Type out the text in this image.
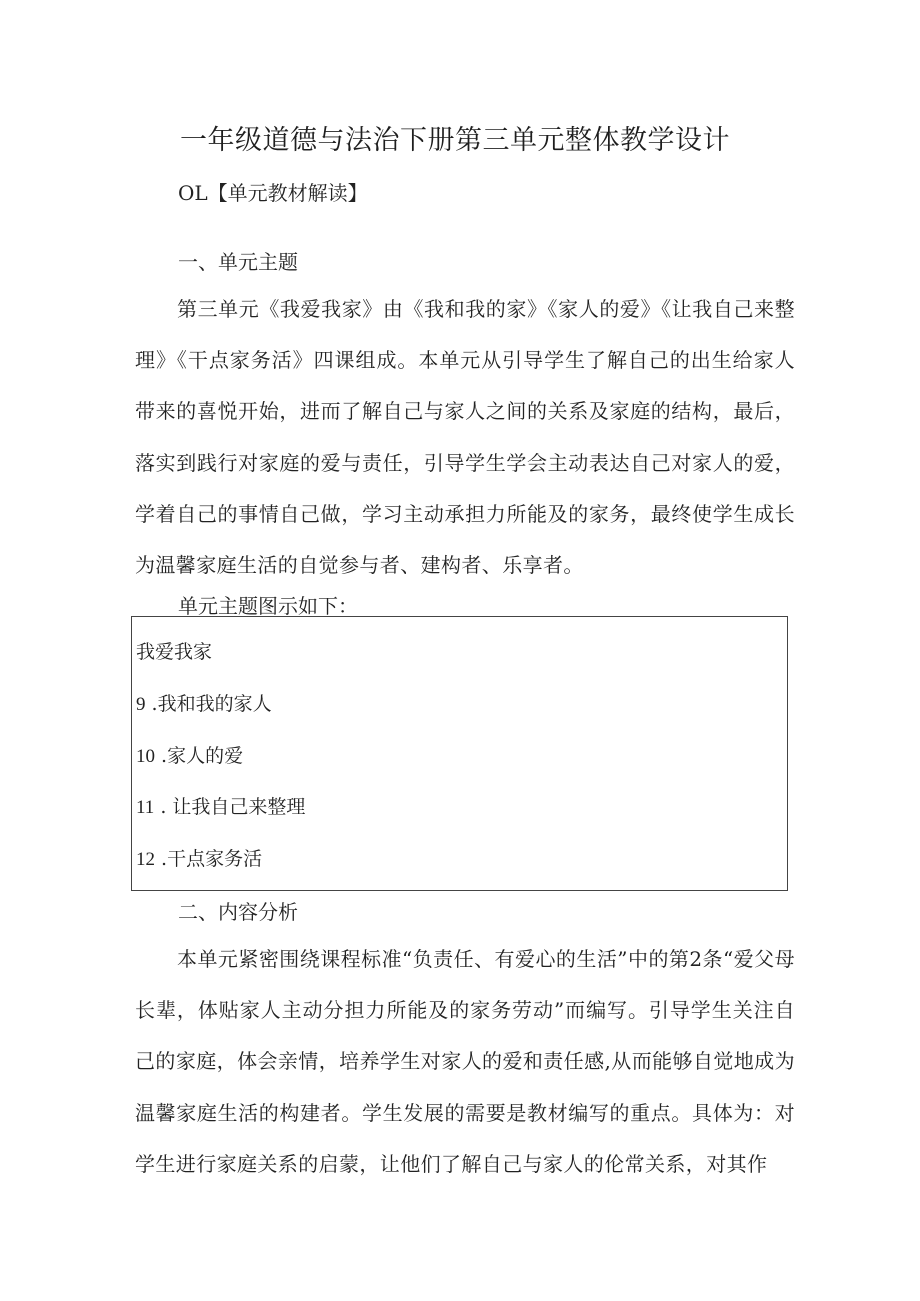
一年级道德与法治下册第三单元整体教学设计
OL【单元教材解读】
一、单元主题
第三单元《我爱我家》由《我和我的家》《家人的爱》《让我自己来整理》《干点家务活》四课组成。本单元从引导学生了解自己的出生给家人带来的喜悦开始，进而了解自己与家人之间的关系及家庭的结构，最后，落实到践行对家庭的爱与责任，引导学生学会主动表达自己对家人的爱，学着自己的事情自己做，学习主动承担力所能及的家务，最终使学生成长为温馨家庭生活的自觉参与者、建构者、乐享者。
单元主题图示如下：
我爱我家
9 .我和我的家人
10 .家人的爱
11 . 让我自己来整理
12 .干点家务活
二、内容分析
本单元紧密围绕课程标准“负责任、有爱心的生活”中的第2条“爱父母长辈，体贴家人主动分担力所能及的家务劳动”而编写。引导学生关注自己的家庭，体会亲情，培养学生对家人的爱和责任感,从而能够自觉地成为温馨家庭生活的构建者。学生发展的需要是教材编写的重点。具体为：对学生进行家庭关系的启蒙，让他们了解自己与家人的伦常关系，对其作
